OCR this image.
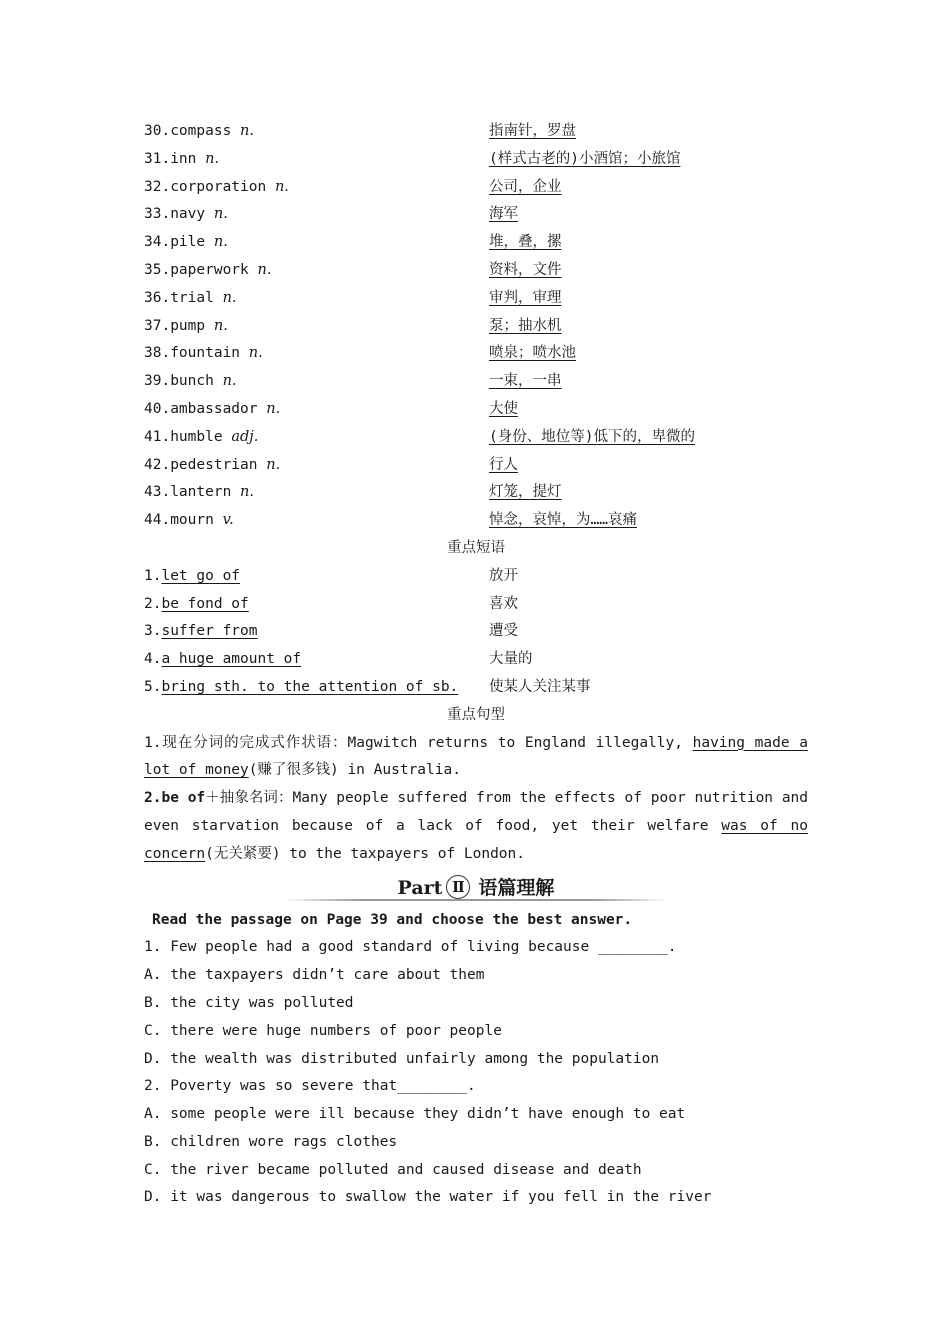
30.compass n.	指南针，罗盘
31.inn n.	(样式古老的)小酒馆；小旅馆
32.corporation n.	公司，企业
33.navy n.	海军
34.pile n.	堆，叠，摞
35.paperwork n.	资料，文件
36.trial n.	审判，审理
37.pump n.	泵；抽水机
38.fountain n.	喷泉；喷水池
39.bunch n.	一束，一串
40.ambassador n.	大使
41.humble adj.	(身份、地位等)低下的，卑微的
42.pedestrian n.	行人
43.lantern n.	灯笼，提灯
44.mourn v.	悼念，哀悼，为……哀痛
重点短语
1.let go of	放开
2.be fond of	喜欢
3.suffer from	遭受
4.a huge amount of	大量的
5.bring sth. to the attention of sb. 使某人关注某事
重点句型
1.现在分词的完成式作状语：Magwitch returns to England illegally, having made a lot of money(赚了很多钱) in Australia.
2.be of＋抽象名词：Many people suffered from the effects of poor nutrition and even starvation because of a lack of food, yet their welfare was of no concern(无关紧要) to the taxpayers of London.
Part Ⅱ 语篇理解
Read the passage on Page 39 and choose the best answer.
1. Few people had a good standard of living because ________.
A. the taxpayers didn’t care about them
B. the city was polluted
C. there were huge numbers of poor people
D. the wealth was distributed unfairly among the population
2. Poverty was so severe that________.
A. some people were ill because they didn’t have enough to eat
B. children wore rags clothes
C. the river became polluted and caused disease and death
D. it was dangerous to swallow the water if you fell in the river
